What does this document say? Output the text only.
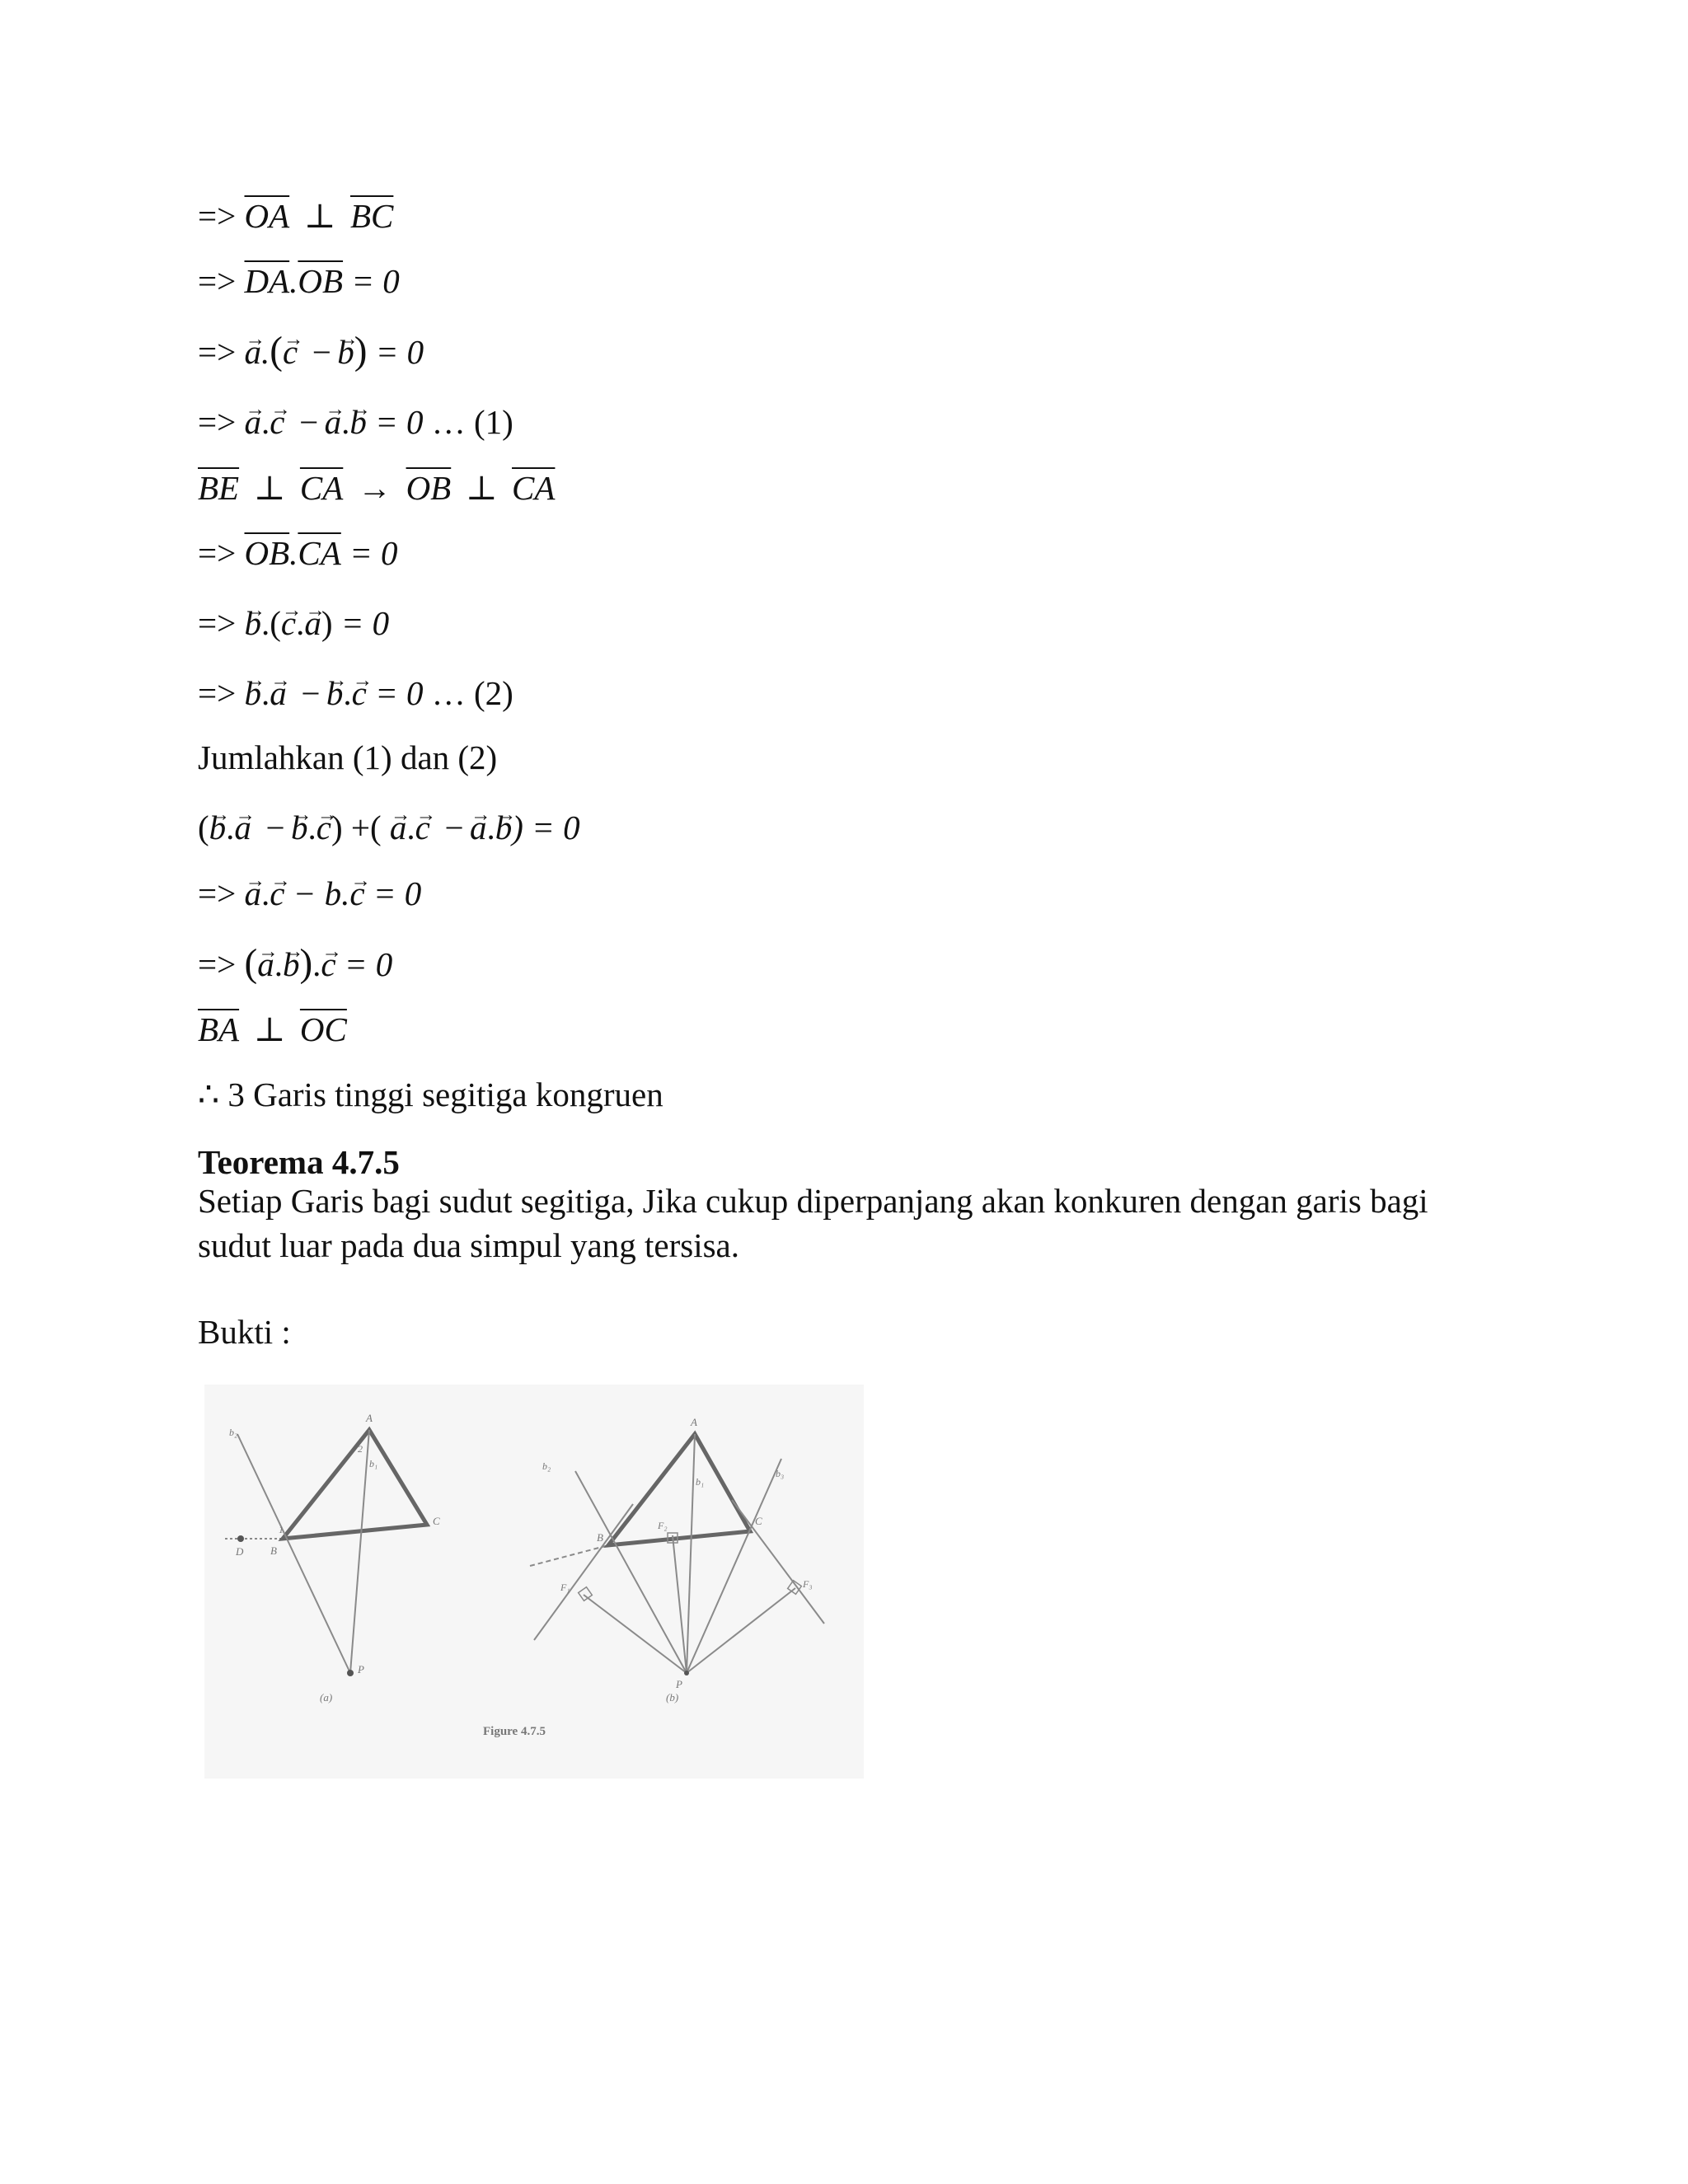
=> $\overline{OA}$ ⊥ $\overline{BC}$
=> $\overline{DA}.\overline{OB} = 0$
=> → a.(→ c − → b) = 0
=> → a.→ c − → a.→ b = 0 … (1)
$\overline{BE}$ ⊥ $\overline{CA} \to \overline{OB}$ ⊥ $\overline{CA}$
=> $\overline{OB}.\overline{CA} = 0$
=> → b.(→ c.→ a) = 0
=> → b.→ a − → b.→ c = 0 … (2)
Jumlahkan (1) dan (2)
(→ b.→ a − → b.→ c) +( → a.→ c − → a.→ b) = 0
=> → a.→ c − b.→ c = 0
=> (→ a.→ b).→ c = 0
$\overline{BA}$ ⊥ $\overline{OC}$
∴ 3 Garis tinggi segitiga kongruen
Teorema 4.7.5
Setiap Garis bagi sudut segitiga, Jika cukup diperpanjang akan konkuren dengan garis bagi sudut luar pada dua simpul yang tersisa.
Bukti :
A
B
C
D
P
b₁
b₂
1
2
(a)
A
B
C
P
b₁
b₂
b₃
F₁
F₂
F₃
(b)
Figure 4.7.5
